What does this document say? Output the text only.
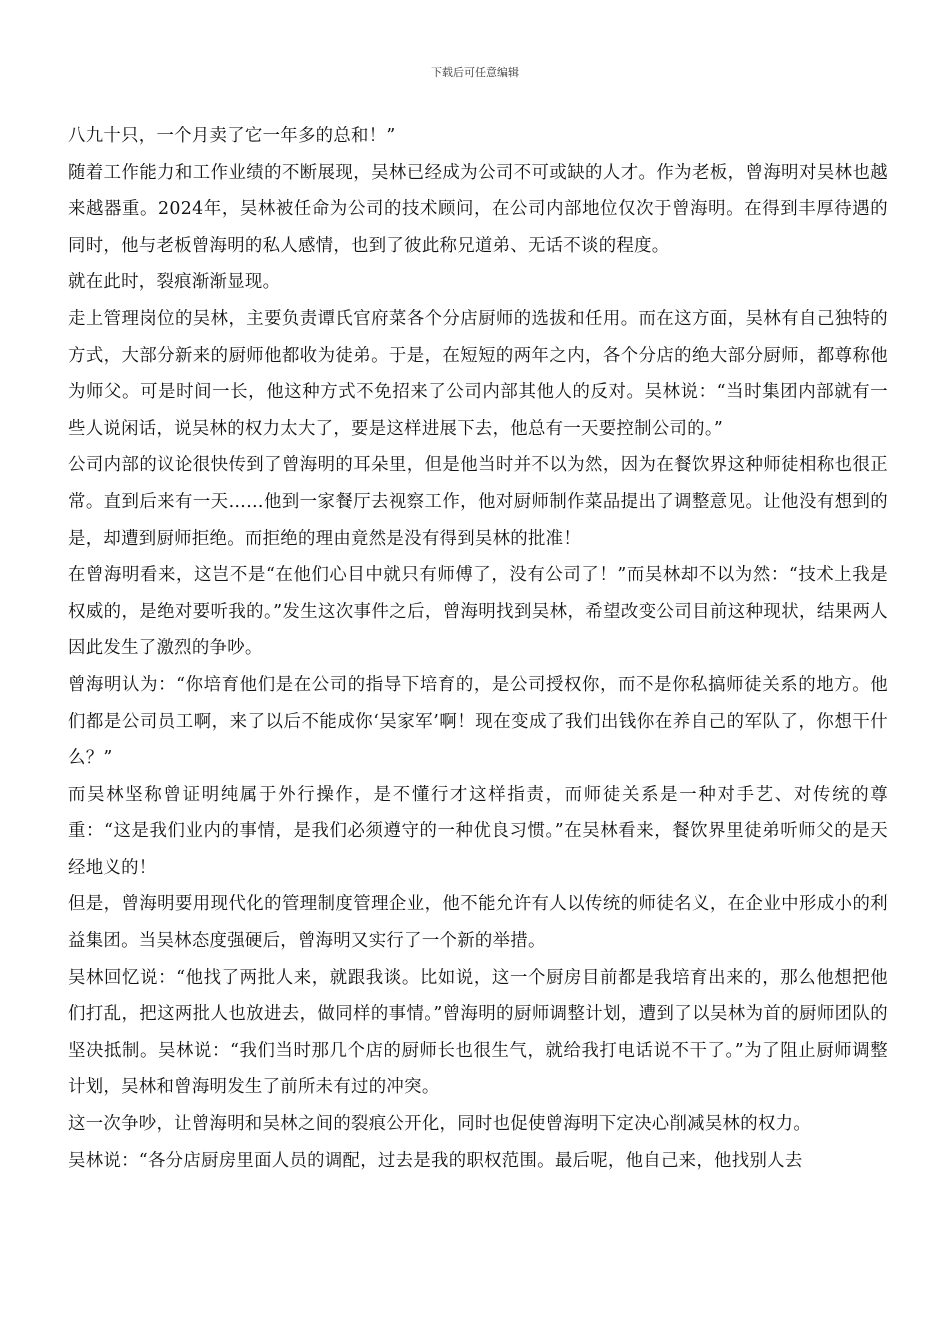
下载后可任意编辑

八九十只，一个月卖了它一年多的总和！”

随着工作能力和工作业绩的不断展现，吴林已经成为公司不可或缺的人才。作为老板，曾海明对吴林也越来越器重。2024年，吴林被任命为公司的技术顾问，在公司内部地位仅次于曾海明。在得到丰厚待遇的同时，他与老板曾海明的私人感情，也到了彼此称兄道弟、无话不谈的程度。

就在此时，裂痕渐渐显现。

走上管理岗位的吴林，主要负责谭氏官府菜各个分店厨师的选拔和任用。而在这方面，吴林有自己独特的方式，大部分新来的厨师他都收为徒弟。于是，在短短的两年之内，各个分店的绝大部分厨师，都尊称他为师父。可是时间一长，他这种方式不免招来了公司内部其他人的反对。吴林说：“当时集团内部就有一些人说闲话，说吴林的权力太大了，要是这样进展下去，他总有一天要控制公司的。”

公司内部的议论很快传到了曾海明的耳朵里，但是他当时并不以为然，因为在餐饮界这种师徒相称也很正常。直到后来有一天……他到一家餐厅去视察工作，他对厨师制作菜品提出了调整意见。让他没有想到的是，却遭到厨师拒绝。而拒绝的理由竟然是没有得到吴林的批准！

在曾海明看来，这岂不是“在他们心目中就只有师傅了，没有公司了！”而吴林却不以为然：“技术上我是权威的，是绝对要听我的。”发生这次事件之后，曾海明找到吴林，希望改变公司目前这种现状，结果两人因此发生了激烈的争吵。

曾海明认为：“你培育他们是在公司的指导下培育的，是公司授权你，而不是你私搞师徒关系的地方。他们都是公司员工啊，来了以后不能成你‘吴家军’啊！现在变成了我们出钱你在养自己的军队了，你想干什么？”

而吴林坚称曾证明纯属于外行操作，是不懂行才这样指责，而师徒关系是一种对手艺、对传统的尊重：“这是我们业内的事情，是我们必须遵守的一种优良习惯。”在吴林看来，餐饮界里徒弟听师父的是天经地义的！

但是，曾海明要用现代化的管理制度管理企业，他不能允许有人以传统的师徒名义，在企业中形成小的利益集团。当吴林态度强硬后，曾海明又实行了一个新的举措。

吴林回忆说：“他找了两批人来，就跟我谈。比如说，这一个厨房目前都是我培育出来的，那么他想把他们打乱，把这两批人也放进去，做同样的事情。”曾海明的厨师调整计划，遭到了以吴林为首的厨师团队的坚决抵制。吴林说：“我们当时那几个店的厨师长也很生气，就给我打电话说不干了。”为了阻止厨师调整计划，吴林和曾海明发生了前所未有过的冲突。

这一次争吵，让曾海明和吴林之间的裂痕公开化，同时也促使曾海明下定决心削减吴林的权力。

吴林说：“各分店厨房里面人员的调配，过去是我的职权范围。最后呢，他自己来，他找别人去
